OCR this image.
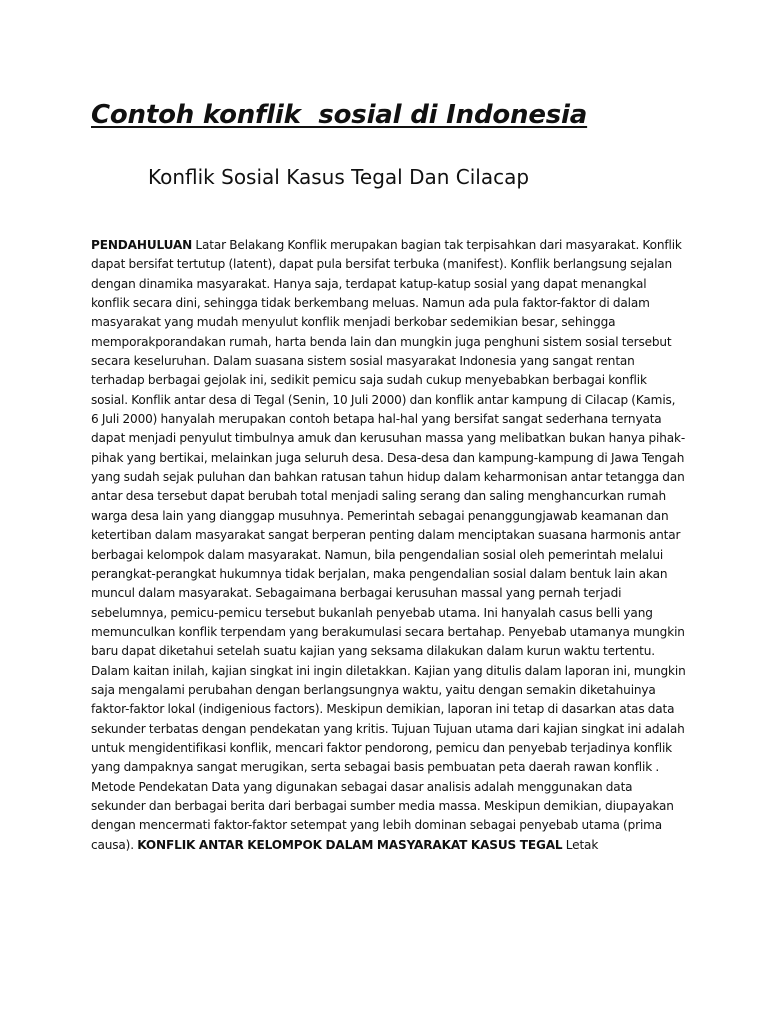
Contoh konflik  sosial di Indonesia
Konflik Sosial Kasus Tegal Dan Cilacap

PENDAHULUAN Latar Belakang Konflik merupakan bagian tak terpisahkan dari masyarakat. Konflik dapat bersifat tertutup (latent), dapat pula bersifat terbuka (manifest). Konflik berlangsung sejalan dengan dinamika masyarakat. Hanya saja, terdapat katup-katup sosial yang dapat menangkal konflik secara dini, sehingga tidak berkembang meluas. Namun ada pula faktor-faktor di dalam masyarakat yang mudah menyulut konflik menjadi berkobar sedemikian besar, sehingga memporakporandakan rumah, harta benda lain dan mungkin juga penghuni sistem sosial tersebut secara keseluruhan. Dalam suasana sistem sosial masyarakat Indonesia yang sangat rentan terhadap berbagai gejolak ini, sedikit pemicu saja sudah cukup menyebabkan berbagai konflik sosial. Konflik antar desa di Tegal (Senin, 10 Juli 2000) dan konflik antar kampung di Cilacap (Kamis, 6 Juli 2000) hanyalah merupakan contoh betapa hal-hal yang bersifat sangat sederhana ternyata dapat menjadi penyulut timbulnya amuk dan kerusuhan massa yang melibatkan bukan hanya pihak-pihak yang bertikai, melainkan juga seluruh desa. Desa-desa dan kampung-kampung di Jawa Tengah yang sudah sejak puluhan dan bahkan ratusan tahun hidup dalam keharmonisan antar tetangga dan antar desa tersebut dapat berubah total menjadi saling serang dan saling menghancurkan rumah warga desa lain yang dianggap musuhnya. Pemerintah sebagai penanggungjawab keamanan dan ketertiban dalam masyarakat sangat berperan penting dalam menciptakan suasana harmonis antar berbagai kelompok dalam masyarakat. Namun, bila pengendalian sosial oleh pemerintah melalui perangkat-perangkat hukumnya tidak berjalan, maka pengendalian sosial dalam bentuk lain akan muncul dalam masyarakat. Sebagaimana berbagai kerusuhan massal yang pernah terjadi sebelumnya, pemicu-pemicu tersebut bukanlah penyebab utama. Ini hanyalah casus belli yang memunculkan konflik terpendam yang berakumulasi secara bertahap. Penyebab utamanya mungkin baru dapat diketahui setelah suatu kajian yang seksama dilakukan dalam kurun waktu tertentu. Dalam kaitan inilah, kajian singkat ini ingin diletakkan. Kajian yang ditulis dalam laporan ini, mungkin saja mengalami perubahan dengan berlangsungnya waktu, yaitu dengan semakin diketahuinya faktor-faktor lokal (indigenious factors). Meskipun demikian, laporan ini tetap di dasarkan atas data sekunder terbatas dengan pendekatan yang kritis. Tujuan Tujuan utama dari kajian singkat ini adalah untuk mengidentifikasi konflik, mencari faktor pendorong, pemicu dan penyebab terjadinya konflik yang dampaknya sangat merugikan, serta sebagai basis pembuatan peta daerah rawan konflik . Metode Pendekatan Data yang digunakan sebagai dasar analisis adalah menggunakan data sekunder dan berbagai berita dari berbagai sumber media massa. Meskipun demikian, diupayakan dengan mencermati faktor-faktor setempat yang lebih dominan sebagai penyebab utama (prima causa). KONFLIK ANTAR KELOMPOK DALAM MASYARAKAT KASUS TEGAL Letak
